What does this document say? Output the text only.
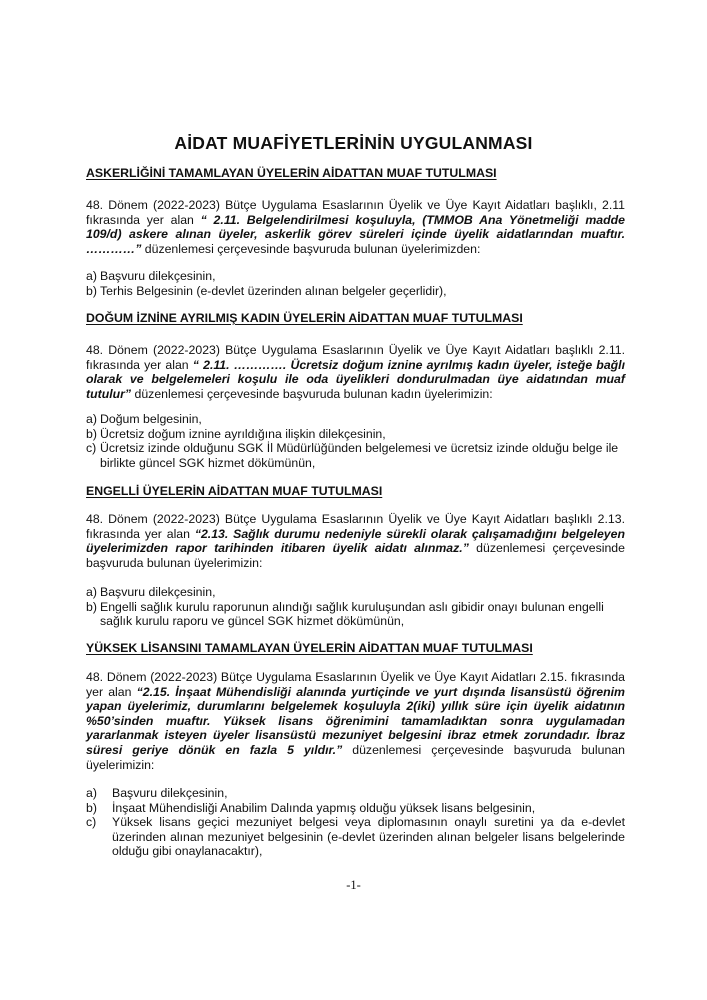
AİDAT MUAFİYETLERİNİN UYGULANMASI
ASKERLİĞİNİ TAMAMLAYAN ÜYELERİN AİDATTAN MUAF TUTULMASI
48. Dönem (2022-2023) Bütçe Uygulama Esaslarının Üyelik ve Üye Kayıt Aidatları başlıklı, 2.11 fıkrasında yer alan “ 2.11. Belgelendirilmesi koşuluyla, (TMMOB Ana Yönetmeliği madde 109/d) askere alınan üyeler, askerlik görev süreleri içinde üyelik aidatlarından muaftır. …………” düzenlemesi çerçevesinde başvuruda bulunan üyelerimizden:
a) Başvuru dilekçesinin,
b) Terhis Belgesinin (e-devlet üzerinden alınan belgeler geçerlidir),
DOĞUM İZNİNE AYRILMIŞ KADIN ÜYELERİN AİDATTAN MUAF TUTULMASI
48. Dönem (2022-2023) Bütçe Uygulama Esaslarının Üyelik ve Üye Kayıt Aidatları başlıklı 2.11. fıkrasında yer alan “ 2.11. …………. Ücretsiz doğum iznine ayrılmış kadın üyeler, isteğe bağlı olarak ve belgelemeleri koşulu ile oda üyelikleri dondurulmadan üye aidatından muaf tutulur” düzenlemesi çerçevesinde başvuruda bulunan kadın üyelerimizin:
a) Doğum belgesinin,
b) Ücretsiz doğum iznine ayrıldığına ilişkin dilekçesinin,
c) Ücretsiz izinde olduğunu SGK İl Müdürlüğünden belgelemesi ve ücretsiz izinde olduğu belge ile birlikte güncel SGK hizmet dökümünün,
ENGELLİ ÜYELERİN AİDATTAN MUAF TUTULMASI
48. Dönem (2022-2023) Bütçe Uygulama Esaslarının Üyelik ve Üye Kayıt Aidatları başlıklı 2.13. fıkrasında yer alan “2.13. Sağlık durumu nedeniyle sürekli olarak çalışamadığını belgeleyen üyelerimizden rapor tarihinden itibaren üyelik aidatı alınmaz.” düzenlemesi çerçevesinde başvuruda bulunan üyelerimizin:
a) Başvuru dilekçesinin,
b) Engelli sağlık kurulu raporunun alındığı sağlık kuruluşundan aslı gibidir onayı bulunan engelli sağlık kurulu raporu ve güncel SGK hizmet dökümünün,
YÜKSEK LİSANSINI TAMAMLAYAN ÜYELERİN AİDATTAN MUAF TUTULMASI
48. Dönem (2022-2023) Bütçe Uygulama Esaslarının Üyelik ve Üye Kayıt Aidatları 2.15. fıkrasında yer alan “2.15. İnşaat Mühendisliği alanında yurtiçinde ve yurt dışında lisansüstü öğrenim yapan üyelerimiz, durumlarını belgelemek koşuluyla 2(iki) yıllık süre için üyelik aidatının %50’sinden muaftır. Yüksek lisans öğrenimini tamamladıktan sonra uygulamadan yararlanmak isteyen üyeler lisansüstü mezuniyet belgesini ibraz etmek zorundadır. İbraz süresi geriye dönük en fazla 5 yıldır.” düzenlemesi çerçevesinde başvuruda bulunan üyelerimizin:
a)	Başvuru dilekçesinin,
b)	İnşaat Mühendisliği Anabilim Dalında yapmış olduğu yüksek lisans belgesinin,
c)	Yüksek lisans geçici mezuniyet belgesi veya diplomasının onaylı suretini ya da e-devlet üzerinden alınan mezuniyet belgesinin (e-devlet üzerinden alınan belgeler lisans belgelerinde olduğu gibi onaylanacaktır),
-1-
